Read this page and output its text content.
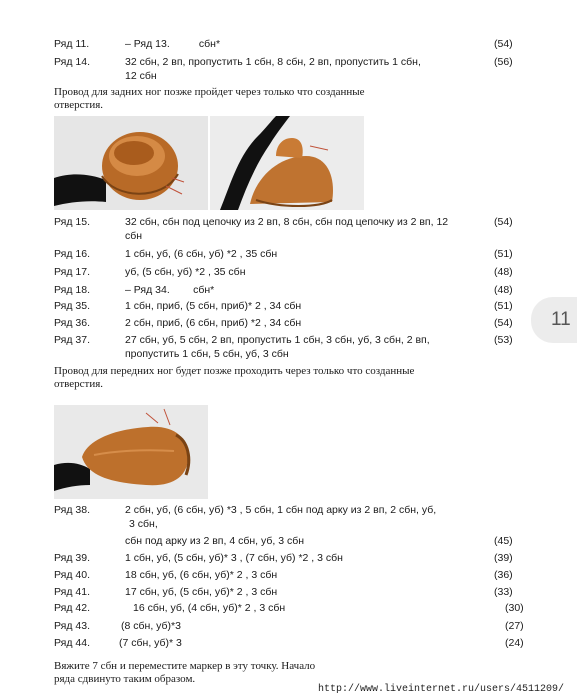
Ряд 11.	– Ряд 13.          сбн*	(54)
Ряд 14.	32 сбн, 2 вп, пропустить 1 сбн, 8 сбн, 2 вп, пропустить 1 сбн,	(56)
12 сбн
Провод для задних ног позже пройдет через только что созданные
отверстия.
Ряд 15.	32 сбн, сбн под цепочку из 2 вп, 8 сбн, сбн под цепочку из 2 вп, 12	(54)
сбн
Ряд 16.	1 сбн, уб, (6 сбн, уб) *2 , 35 сбн	(51)
Ряд 17.	уб, (5 сбн, уб) *2 , 35 сбн	(48)
Ряд 18.	– Ряд 34.        сбн*	(48)
Ряд 35.	1 сбн, приб, (5 сбн, приб)* 2 , 34 сбн	(51)
Ряд 36.	2 сбн, приб, (6 сбн, приб) *2 , 34 сбн	(54)
Ряд 37.	27 сбн, уб, 5 сбн, 2 вп, пропустить 1 сбн, 3 сбн, уб, 3 сбн, 2 вп,	(53)
пропустить 1 сбн, 5 сбн, уб, 3 сбн
Провод для передних ног будет позже проходить через только что созданные
отверстия.
Ряд 38.	2 сбн, уб, (6 сбн, уб) *3 , 5 сбн, 1 сбн под арку из 2 вп, 2 сбн, уб,
3 сбн,
сбн под арку из 2 вп, 4 сбн, уб, 3 сбн	(45)
Ряд 39.	1 сбн, уб, (5 сбн, уб)* 3 , (7 сбн, уб) *2 , 3 сбн	(39)
Ряд 40.	18 сбн, уб, (6 сбн, уб)* 2 , 3 сбн	(36)
Ряд 41.	17 сбн, уб, (5 сбн, уб)* 2 , 3 сбн	(33)
Ряд 42.	16 сбн, уб, (4 сбн, уб)* 2 , 3 сбн	(30)
Ряд 43.	(8 сбн, уб)*3	(27)
Ряд 44.	(7 сбн, уб)* 3	(24)
Вяжите 7 сбн и переместите маркер в эту точку. Начало
ряда сдвинуто таким образом.
11
http://www.liveinternet.ru/users/4511209/
